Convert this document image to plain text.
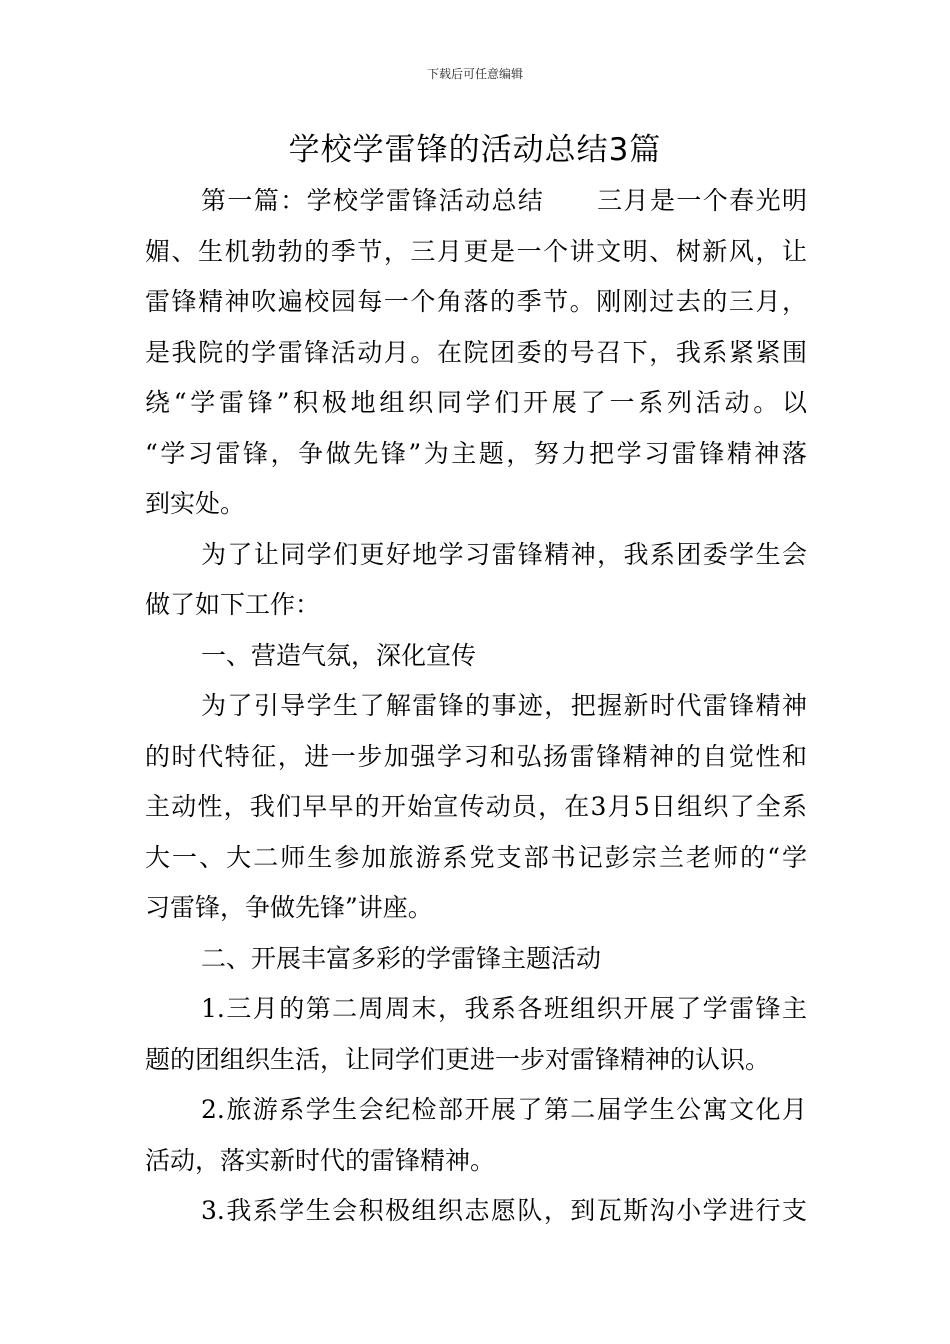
下载后可任意编辑
学校学雷锋的活动总结3篇

第一篇：学校学雷锋活动总结　　三月是一个春光明
媚、生机勃勃的季节，三月更是一个讲文明、树新风，让
雷锋精神吹遍校园每一个角落的季节。刚刚过去的三月，
是我院的学雷锋活动月。在院团委的号召下，我系紧紧围
绕“学雷锋”积极地组织同学们开展了一系列活动。以
“学习雷锋，争做先锋”为主题，努力把学习雷锋精神落
到实处。

为了让同学们更好地学习雷锋精神，我系团委学生会
做了如下工作：

一、营造气氛，深化宣传

为了引导学生了解雷锋的事迹，把握新时代雷锋精神
的时代特征，进一步加强学习和弘扬雷锋精神的自觉性和
主动性，我们早早的开始宣传动员，在3月5日组织了全系
大一、大二师生参加旅游系党支部书记彭宗兰老师的“学
习雷锋，争做先锋”讲座。

二、开展丰富多彩的学雷锋主题活动

1.三月的第二周周末，我系各班组织开展了学雷锋主
题的团组织生活，让同学们更进一步对雷锋精神的认识。

2.旅游系学生会纪检部开展了第二届学生公寓文化月
活动，落实新时代的雷锋精神。

3.我系学生会积极组织志愿队，到瓦斯沟小学进行支
